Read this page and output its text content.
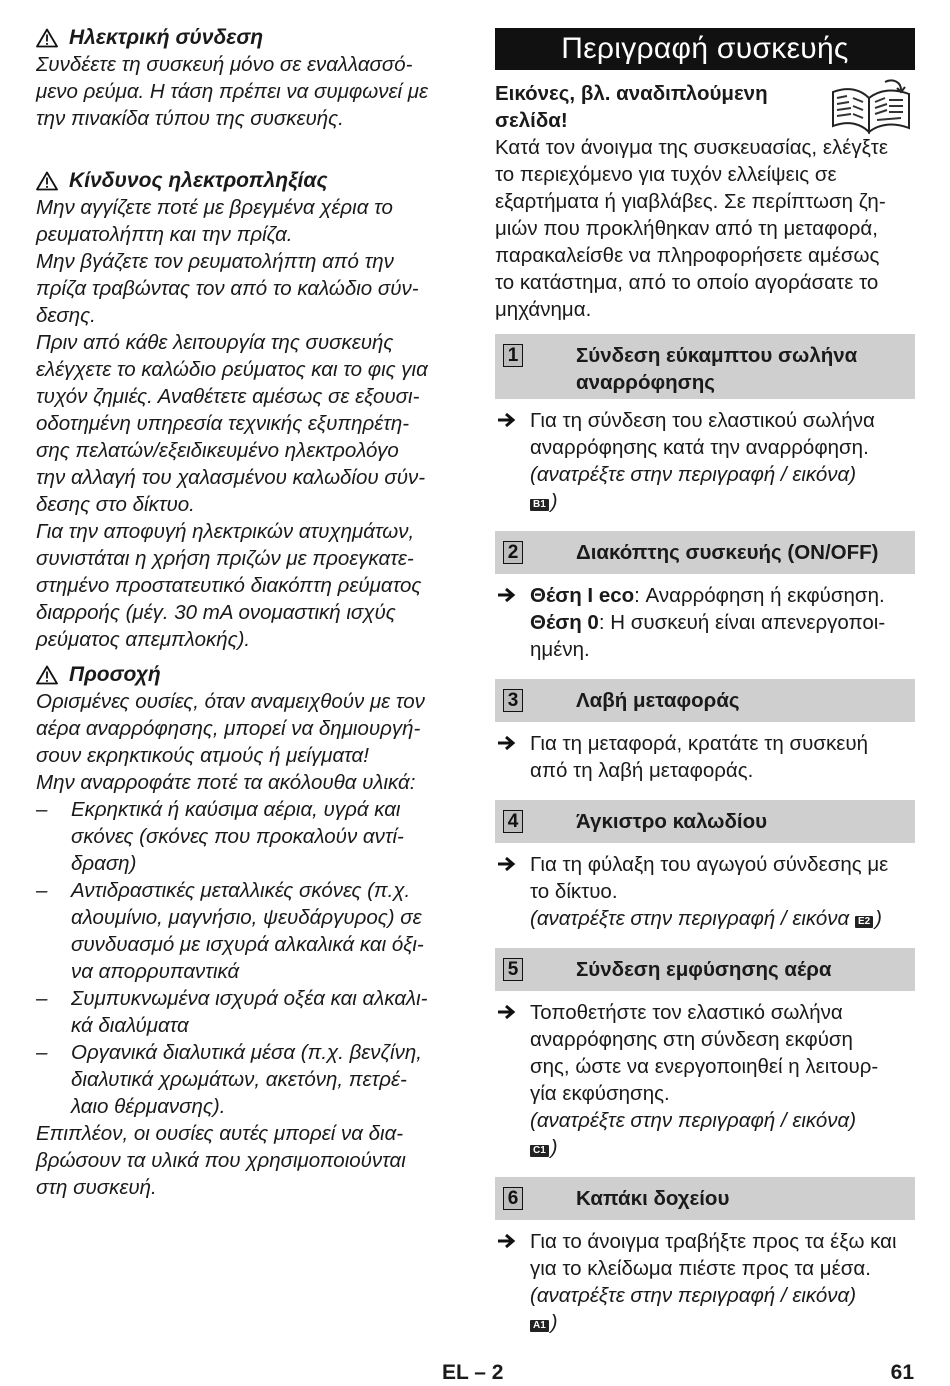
Ηλεκτρική σύνδεση

Συνδέετε τη συσκευή μόνο σε εναλλασσό-

μενο ρεύμα. Η τάση πρέπει να συμφωνεί με

την πινακίδα τύπου της συσκευής.

Κίνδυνος ηλεκτροπληξίας

Μην αγγίζετε ποτέ με βρεγμένα χέρια το

ρευματολήπτη και την πρίζα.

Μην βγάζετε τον ρευματολήπτη από την

πρίζα τραβώντας τον από το καλώδιο σύν-

δεσης.

Πριν από κάθε λειτουργία της συσκευής

ελέγχετε το καλώδιο ρεύματος και το φις για

τυχόν ζημιές. Αναθέτετε αμέσως σε εξουσι-

οδοτημένη υπηρεσία τεχνικής εξυπηρέτη-

σης πελατών/εξειδικευμένο ηλεκτρολόγο

την αλλαγή του χαλασμένου καλωδίου σύν-

δεσης στο δίκτυο.

Για την αποφυγή ηλεκτρικών ατυχημάτων,

συνιστάται η χρήση πριζών με προεγκατε-

στημένο προστατευτικό διακόπτη ρεύματος

διαρροής (μέγ. 30 mA ονομαστική ισχύς

ρεύματος απεμπλοκής).

Προσοχή

Ορισμένες ουσίες, όταν αναμειχθούν με τον

αέρα αναρρόφησης, μπορεί να δημιουργή-

σουν εκρηκτικούς ατμούς ή μείγματα!

Μην αναρροφάτε ποτέ τα ακόλουθα υλικά:

– Εκρηκτικά ή καύσιμα αέρια, υγρά και
σκόνες (σκόνες που προκαλούν αντί-
δραση)
– Αντιδραστικές μεταλλικές σκόνες (π.χ.
αλουμίνιο, μαγνήσιο, ψευδάργυρος) σε
συνδυασμό με ισχυρά αλκαλικά και όξι-
να απορρυπαντικά
– Συμπυκνωμένα ισχυρά οξέα και αλκαλι-
κά διαλύματα
– Οργανικά διαλυτικά μέσα (π.χ. βενζίνη,
διαλυτικά χρωμάτων, ακετόνη, πετρέ-
λαιο θέρμανσης).

Επιπλέον, οι ουσίες αυτές μπορεί να δια-

βρώσουν τα υλικά που χρησιμοποιούνται

στη συσκευή.

Περιγραφή συσκευής
Εικόνες, βλ. αναδιπλούμενη
σελίδα!

Κατά τον άνοιγμα της συσκευασίας, ελέγξτε

το περιεχόμενο για τυχόν ελλείψεις σε

εξαρτήματα ή γιαβλάβες. Σε περίπτωση ζη-

μιών που προκλήθηκαν από τη μεταφορά,

παρακαλείσθε να πληροφορήσετε αμέσως

το κατάστημα, από το οποίο αγοράσατε το

μηχάνημα.

1	Σύνδεση εύκαμπτου σωλήνα
αναρρόφησης
Για τη σύνδεση του ελαστικού σωλήνα
αναρρόφησης κατά την αναρρόφηση.
(ανατρέξτε στην περιγραφή / εικόνα)
B1 )
2	Διακόπτης συσκευής (ON/OFF)
Θέση I eco: Αναρρόφηση ή εκφύσηση.
Θέση 0: Η συσκευή είναι απενεργοποι-
ημένη.
3	Λαβή μεταφοράς
Για τη μεταφορά, κρατάτε τη συσκευή
από τη λαβή μεταφοράς.
4	Άγκιστρο καλωδίου
Για τη φύλαξη του αγωγού σύνδεσης με
το δίκτυο.
(ανατρέξτε στην περιγραφή / εικόνα E2 )
5	Σύνδεση εμφύσησης αέρα
Τοποθετήστε τον ελαστικό σωλήνα
αναρρόφησης στη σύνδεση εκφύση
σης, ώστε να ενεργοποιηθεί η λειτουρ-
γία εκφύσησης.
(ανατρέξτε στην περιγραφή / εικόνα)
C1 )
6	Καπάκι δοχείου
Για το άνοιγμα τραβήξτε προς τα έξω και
για το κλείδωμα πιέστε προς τα μέσα.
(ανατρέξτε στην περιγραφή / εικόνα)
A1 )
EL – 2	61
